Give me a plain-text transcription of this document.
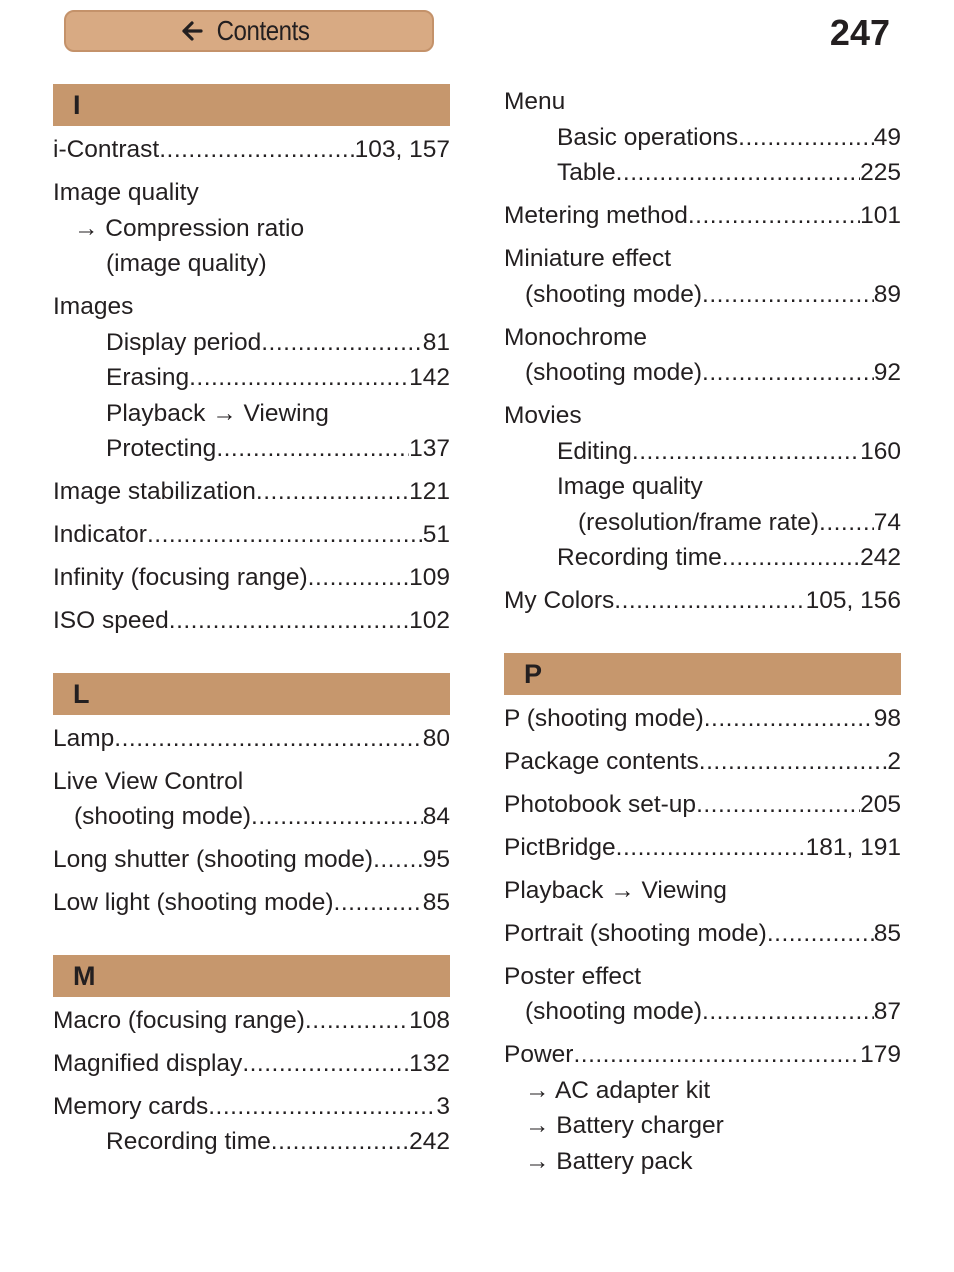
Contents	247
I
i-Contrast .....	103, 157
Image quality
→ Compression ratio
(image quality)
Images
Display period .....	81
Erasing .....	142
Playback → Viewing
Protecting .....	137
Image stabilization .....	121
Indicator .....	51
Infinity (focusing range) .....	109
ISO speed .....	102
L
Lamp .....	80
Live View Control
(shooting mode) .....	84
Long shutter (shooting mode) ..... 95
Low light (shooting mode) .....	85
M
Macro (focusing range) .....	108
Magnified display .....	132
Memory cards .....	3
Recording time .....	242
Menu
Basic operations .....	49
Table .....	225
Metering method .....	101
Miniature effect
(shooting mode) .....	89
Monochrome
(shooting mode) .....	92
Movies
Editing .....	160
Image quality
(resolution/frame rate) ..... 74
Recording time .....	242
My Colors .....	105, 156
P
P (shooting mode) .....	98
Package contents .....	2
Photobook set-up .....	205
PictBridge .....	181, 191
Playback → Viewing
Portrait (shooting mode) .....	85
Poster effect
(shooting mode) .....	87
Power .....	179
→ AC adapter kit
→ Battery charger
→ Battery pack
